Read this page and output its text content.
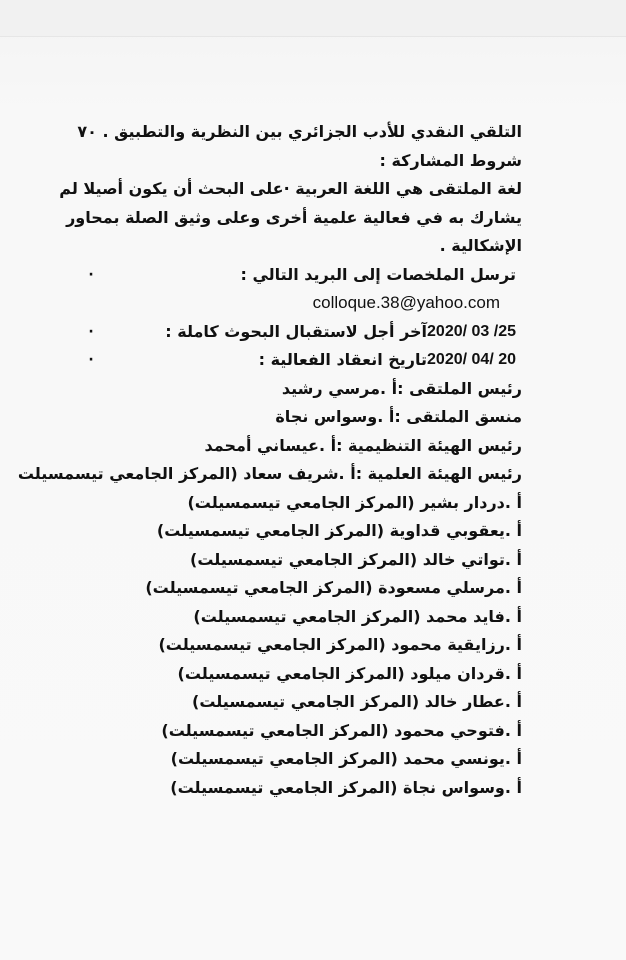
التلقي النقدي للأدب الجزائري بين النظرية والتطبيق . ٧٠
شروط المشاركة :
لغة الملتقى هي اللغة العربية ·على البحث أن يكون أصيلا لم
يشارك به في فعالية علمية أخرى وعلى وثيق الصلة بمحاور
الإشكالية .
ترسل الملخصات إلى البريد التالي :
·
colloque.38@yahoo.com
2020/ 03 /25
آخر أجل لاستقبال البحوث كاملة :
·
2020/ 04/ 20
تاريخ انعقاد الفعالية :
·
رئيس الملتقى :أ .مرسي رشيد
منسق الملتقى :أ .وسواس نجاة
رئيس الهيئة التنظيمية :أ .عيساني أمحمد
رئيس الهيئة العلمية :أ .شريف سعاد (المركز الجامعي تيسمسيلت
أ .دردار بشير (المركز الجامعي تيسمسيلت)
أ .يعقوبي قداوية (المركز الجامعي تيسمسيلت)
أ .تواتي خالد (المركز الجامعي تيسمسيلت)
أ .مرسلي مسعودة (المركز الجامعي تيسمسيلت)
أ .فايد محمد (المركز الجامعي تيسمسيلت)
أ .رزايقية محمود (المركز الجامعي تيسمسيلت)
أ .قردان ميلود (المركز الجامعي تيسمسيلت)
أ .عطار خالد (المركز الجامعي تيسمسيلت)
أ .فتوحي محمود (المركز الجامعي تيسمسيلت)
أ .يونسي محمد (المركز الجامعي تيسمسيلت)
أ .وسواس نجاة (المركز الجامعي تيسمسيلت)
